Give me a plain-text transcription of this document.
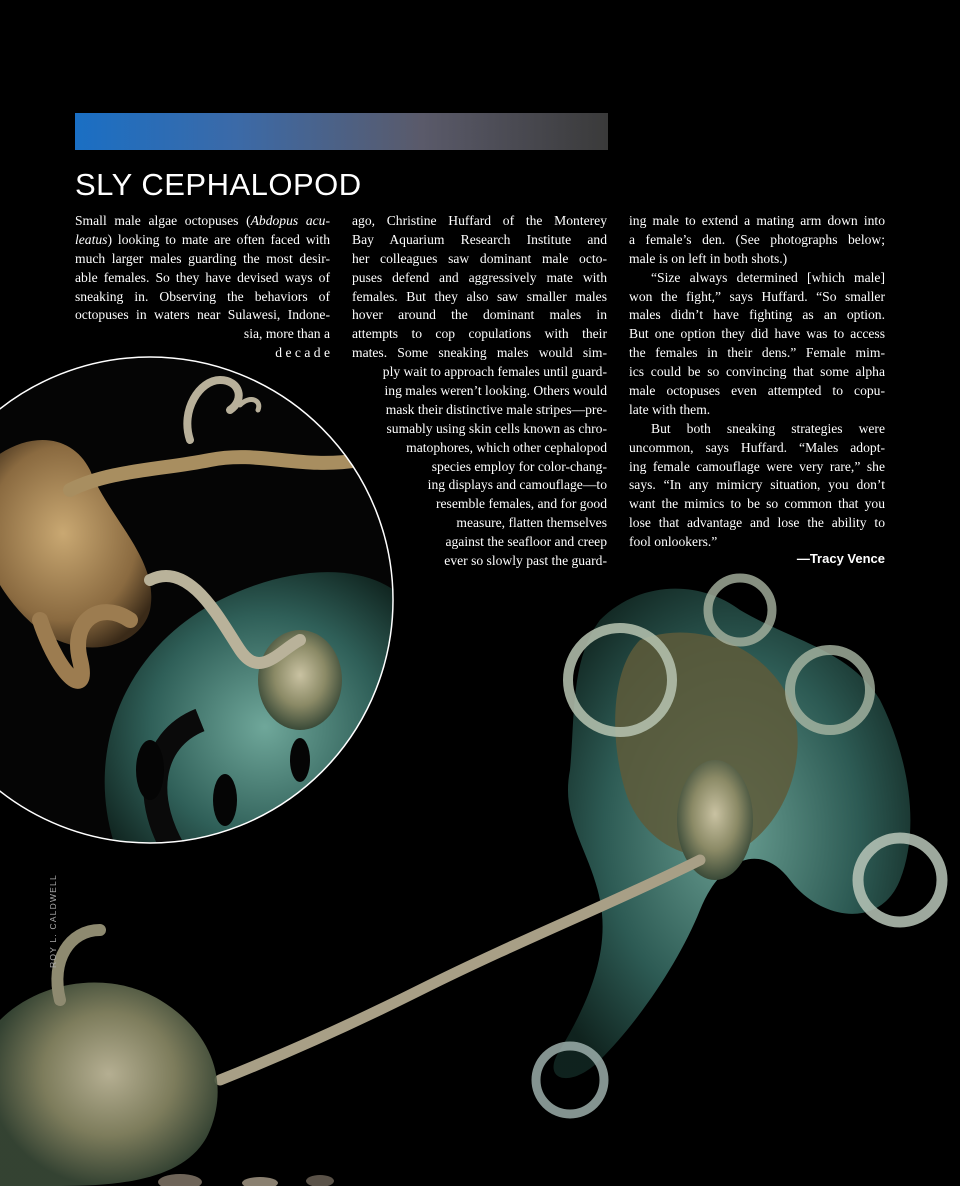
SLY CEPHALOPOD
Small male algae octopuses (Abdopus acu-
leatus) looking to mate are often faced with
much larger males guarding the most desir-
able females. So they have devised ways of
sneaking in. Observing the behaviors of
octopuses in waters near Sulawesi, Indone-
sia, more than a
d e c a d e
ago, Christine Huffard of the Monterey
Bay Aquarium Research Institute and
her colleagues saw dominant male octo-
puses defend and aggressively mate with
females. But they also saw smaller males
hover around the dominant males in
attempts to cop copulations with their
mates. Some sneaking males would sim-
ply wait to approach females until guard-
ing males weren’t looking. Others would
mask their distinctive male stripes—pre-
sumably using skin cells known as chro-
matophores, which other cephalopod
species employ for color-chang-
ing displays and camouflage—to
resemble females, and for good
measure, flatten themselves
against the seafloor and creep
ever so slowly past the guard-
ing male to extend a mating arm down into
a female’s den. (See photographs below;
male is on left in both shots.)
“Size always determined [which male]
won the fight,” says Huffard. “So smaller
males didn’t have fighting as an option.
But one option they did have was to access
the females in their dens.” Female mim-
ics could be so convincing that some alpha
male octopuses even attempted to copu-
late with them.
But both sneaking strategies were
uncommon, says Huffard. “Males adopt-
ing female camouflage were very rare,” she
says. “In any mimicry situation, you don’t
want the mimics to be so common that you
lose that advantage and lose the ability to
fool onlookers.”
—Tracy Vence
ROY L. CALDWELL
